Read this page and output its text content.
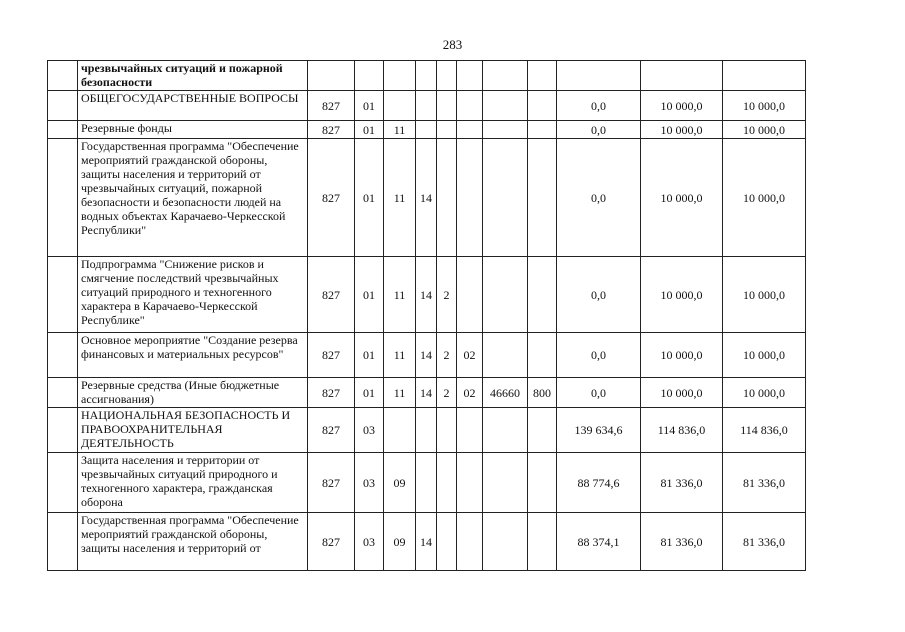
283
	чрезвычайных ситуаций и пожарной безопасности											
	ОБЩЕГОСУДАРСТВЕННЫЕ ВОПРОСЫ	827	01							0,0	10 000,0	10 000,0
	Резервные фонды	827	01	11						0,0	10 000,0	10 000,0
	Государственная программа "Обеспечение мероприятий гражданской обороны, защиты населения и территорий от чрезвычайных ситуаций, пожарной безопасности и безопасности людей на водных объектах Карачаево-Черкесской Республики"	827	01	11	14					0,0	10 000,0	10 000,0
	Подпрограмма "Снижение рисков и смягчение последствий чрезвычайных ситуаций природного и техногенного характера в Карачаево-Черкесской Республике"	827	01	11	14	2				0,0	10 000,0	10 000,0
	Основное мероприятие "Создание резерва финансовых и материальных ресурсов"	827	01	11	14	2	02			0,0	10 000,0	10 000,0
	Резервные средства (Иные бюджетные ассигнования)	827	01	11	14	2	02	46660	800	0,0	10 000,0	10 000,0
	НАЦИОНАЛЬНАЯ БЕЗОПАСНОСТЬ И ПРАВООХРАНИТЕЛЬНАЯ ДЕЯТЕЛЬНОСТЬ	827	03							139 634,6	114 836,0	114 836,0
	Защита населения и территории от чрезвычайных ситуаций природного и техногенного характера, гражданская оборона	827	03	09						88 774,6	81 336,0	81 336,0
	Государственная программа "Обеспечение мероприятий гражданской обороны, защиты населения и территорий от	827	03	09	14					88 374,1	81 336,0	81 336,0
